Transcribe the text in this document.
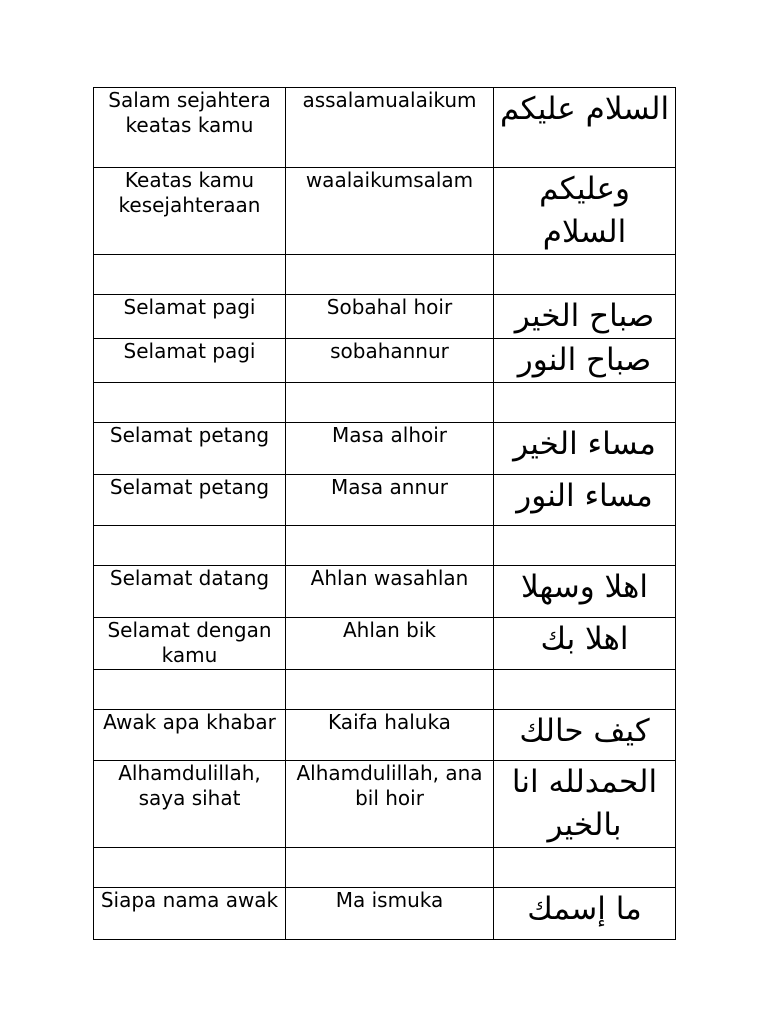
Salam sejahtera keatas kamu	assalamualaikum	السلام عليكم
Keatas kamu kesejahteraan	waalaikumsalam	وعليكم السلام

Selamat pagi	Sobahal hoir	صباح الخير
Selamat pagi	sobahannur	صباح النور

Selamat petang	Masa alhoir	مساء الخير
Selamat petang	Masa annur	مساء النور

Selamat datang	Ahlan wasahlan	اهلا وسهلا
Selamat dengan kamu	Ahlan bik	اهلا بك

Awak apa khabar	Kaifa haluka	كيف حالك
Alhamdulillah, saya sihat	Alhamdulillah, ana bil hoir	الحمدلله انا بالخير

Siapa nama awak	Ma ismuka	ما إسمك
